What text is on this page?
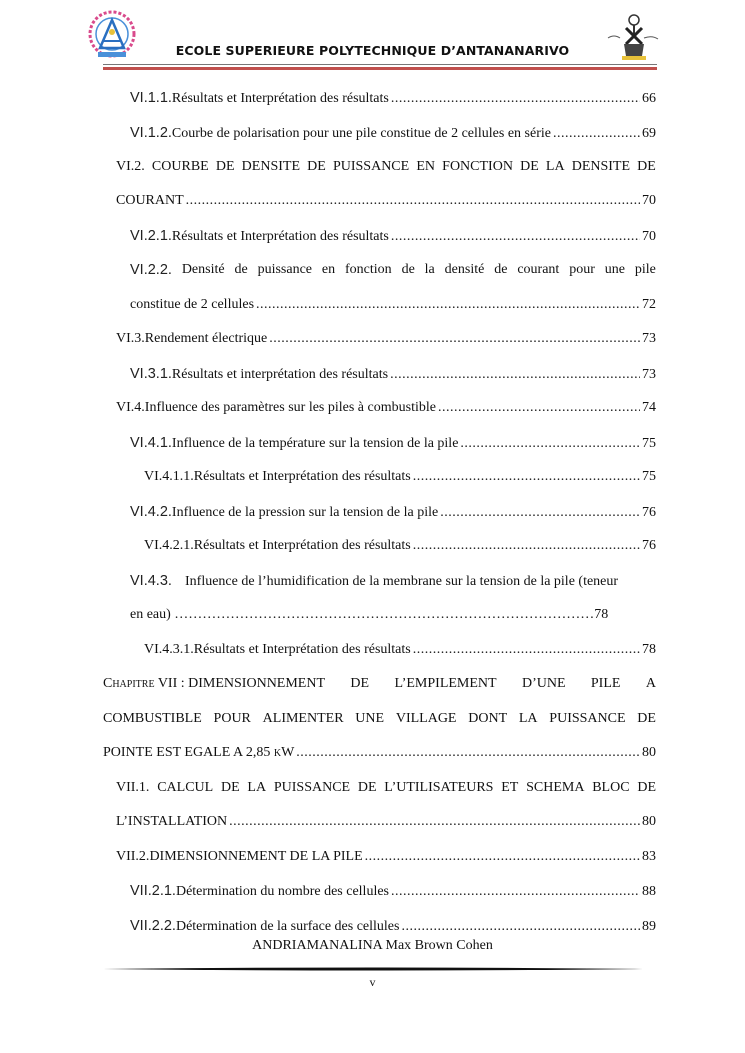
ECOLE SUPERIEURE POLYTECHNIQUE D’ANTANANARIVO
VI.1.1. Résultats et Interprétation des résultats .....	66
VI.1.2. Courbe de polarisation pour une pile constitue de 2 cellules en série .....	69
VI.2. COURBE DE DENSITE DE PUISSANCE EN FONCTION DE LA DENSITE DE
COURANT .....	70
VI.2.1. Résultats et Interprétation des résultats .....	70
VI.2.2. Densité de puissance en fonction de la densité de courant pour une pile
constitue de 2 cellules .....	72
VI.3. Rendement électrique .....	73
VI.3.1. Résultats et interprétation des résultats .....	73
VI.4. Influence des paramètres sur les piles à combustible .....	74
VI.4.1. Influence de la température sur la tension de la pile .....	75
VI.4.1.1. Résultats et Interprétation des résultats .....	75
VI.4.2. Influence de la pression sur la tension de la pile .....	76
VI.4.2.1. Résultats et Interprétation des résultats .....	76
VI.4.3. Influence de l’humidification de la membrane sur la tension de la pile (teneur
en eau) ………………………………………………………………………………78
VI.4.3.1. Résultats et Interprétation des résultats .....	78
Chapitre VII : DIMENSIONNEMENT DE L’EMPILEMENT D’UNE PILE A
COMBUSTIBLE POUR ALIMENTER UNE VILLAGE DONT LA PUISSANCE DE
POINTE EST EGALE A 2,85 kW .....	80
VII.1. CALCUL DE LA PUISSANCE DE L’UTILISATEURS ET SCHEMA BLOC DE
L’INSTALLATION .....	80
VII.2. DIMENSIONNEMENT DE LA PILE .....	83
VII.2.1. Détermination du nombre des cellules .....	88
VII.2.2. Détermination de la surface des cellules .....	89
ANDRIAMANALINA Max Brown Cohen
v
